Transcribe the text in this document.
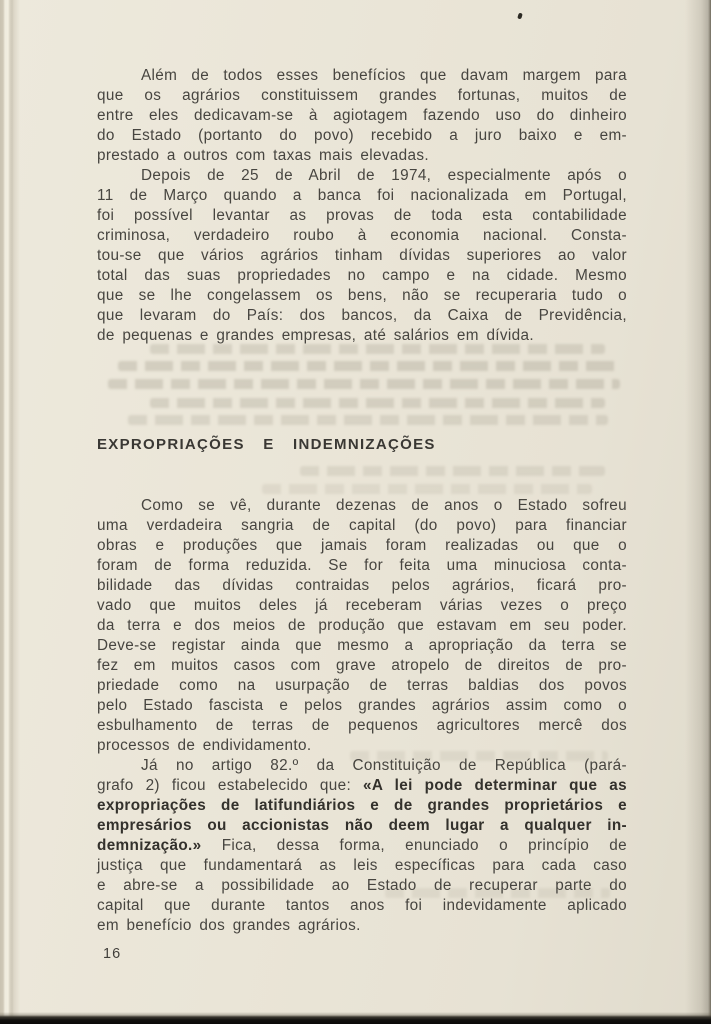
Além de todos esses benefícios que davam margem para
que os agrários constituissem grandes fortunas, muitos de
entre eles dedicavam-se à agiotagem fazendo uso do dinheiro
do Estado (portanto do povo) recebido a juro baixo e em-
prestado a outros com taxas mais elevadas.
Depois de 25 de Abril de 1974, especialmente após o
11 de Março quando a banca foi nacionalizada em Portugal,
foi possível levantar as provas de toda esta contabilidade
criminosa, verdadeiro roubo à economia nacional. Consta-
tou-se que vários agrários tinham dívidas superiores ao valor
total das suas propriedades no campo e na cidade. Mesmo
que se lhe congelassem os bens, não se recuperaria tudo o
que levaram do País: dos bancos, da Caixa de Previdência,
de pequenas e grandes empresas, até salários em dívida.
EXPROPRIAÇÕES E INDEMNIZAÇÕES
Como se vê, durante dezenas de anos o Estado sofreu
uma verdadeira sangria de capital (do povo) para financiar
obras e produções que jamais foram realizadas ou que o
foram de forma reduzida. Se for feita uma minuciosa conta-
bilidade das dívidas contraidas pelos agrários, ficará pro-
vado que muitos deles já receberam várias vezes o preço
da terra e dos meios de produção que estavam em seu poder.
Deve-se registar ainda que mesmo a apropriação da terra se
fez em muitos casos com grave atropelo de direitos de pro-
priedade como na usurpação de terras baldias dos povos
pelo Estado fascista e pelos grandes agrários assim como o
esbulhamento de terras de pequenos agricultores mercê dos
processos de endividamento.
Já no artigo 82.º da Constituição de República (pará-
grafo 2) ficou estabelecido que: «A lei pode determinar que as
expropriações de latifundiários e de grandes proprietários e
empresários ou accionistas não deem lugar a qualquer in-
demnização.» Fica, dessa forma, enunciado o princípio de
justiça que fundamentará as leis específicas para cada caso
e abre-se a possibilidade ao Estado de recuperar parte do
capital que durante tantos anos foi indevidamente aplicado
em benefício dos grandes agrários.
16
